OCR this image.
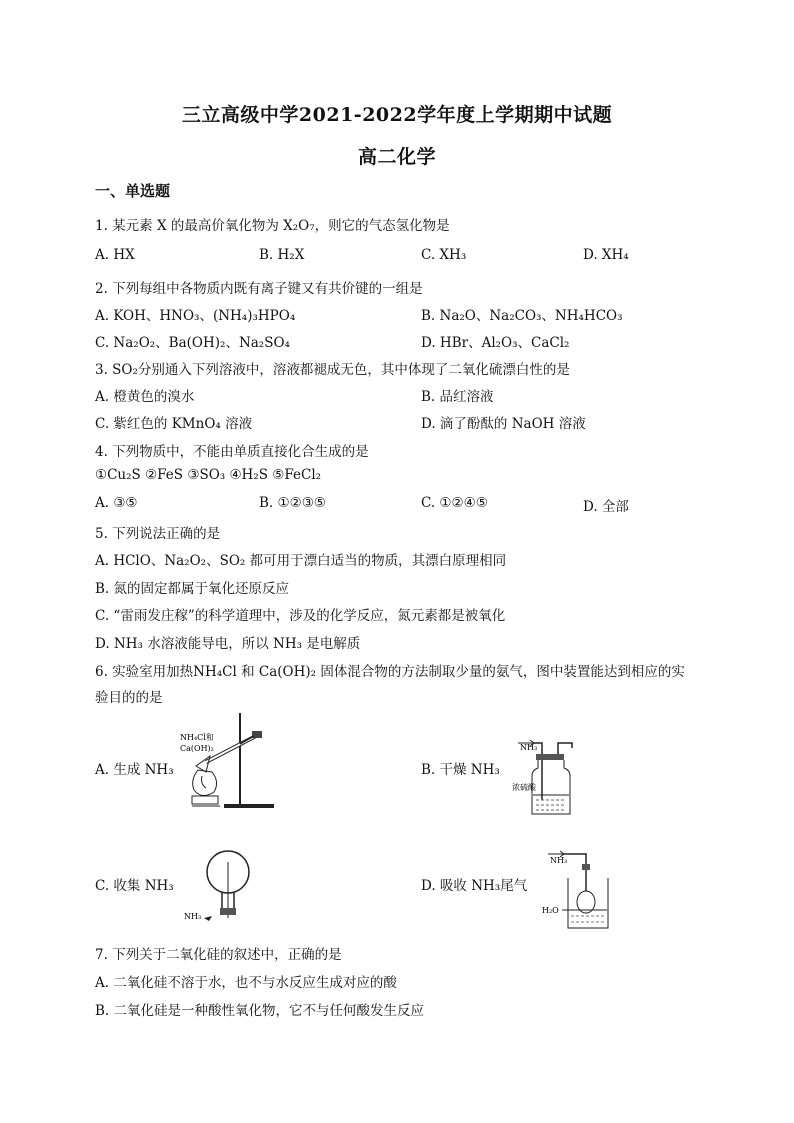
三立高级中学2021-2022学年度上学期期中试题
高二化学
一、单选题
1. 某元素 X 的最高价氧化物为 X₂O₇，则它的气态氢化物是
A. HX	B. H₂X	C. XH₃	D. XH₄
2. 下列每组中各物质内既有离子键又有共价键的一组是
A. KOH、HNO₃、(NH₄)₃HPO₄	B. Na₂O、Na₂CO₃、NH₄HCO₃
C. Na₂O₂、Ba(OH)₂、Na₂SO₄	D. HBr、Al₂O₃、CaCl₂
3. SO₂分别通入下列溶液中，溶液都褪成无色，其中体现了二氧化硫漂白性的是
A. 橙黄色的溴水	B. 品红溶液
C. 紫红色的 KMnO₄ 溶液	D. 滴了酚酞的 NaOH 溶液
4. 下列物质中，不能由单质直接化合生成的是
①Cu₂S ②FeS ③SO₃ ④H₂S ⑤FeCl₂
A. ③⑤	B. ①②③⑤	C. ①②④⑤	D. 全部
5. 下列说法正确的是
A. HClO、Na₂O₂、SO₂ 都可用于漂白适当的物质，其漂白原理相同
B. 氮的固定都属于氧化还原反应
C. “雷雨发庄稼”的科学道理中，涉及的化学反应，氮元素都是被氧化
D. NH₃ 水溶液能导电，所以 NH₃ 是电解质
6. 实验室用加热NH₄Cl 和 Ca(OH)₂ 固体混合物的方法制取少量的氨气，图中装置能达到相应的实
验目的的是
A. 生成 NH₃	B. 干燥 NH₃
C. 收集 NH₃	D. 吸收 NH₃尾气
NH₄Cl和
Ca(OH)₂	NH₃
浓硫酸
NH₃
NH₃
H₂O
7. 下列关于二氧化硅的叙述中，正确的是
A. 二氧化硅不溶于水，也不与水反应生成对应的酸
B. 二氧化硅是一种酸性氧化物，它不与任何酸发生反应
